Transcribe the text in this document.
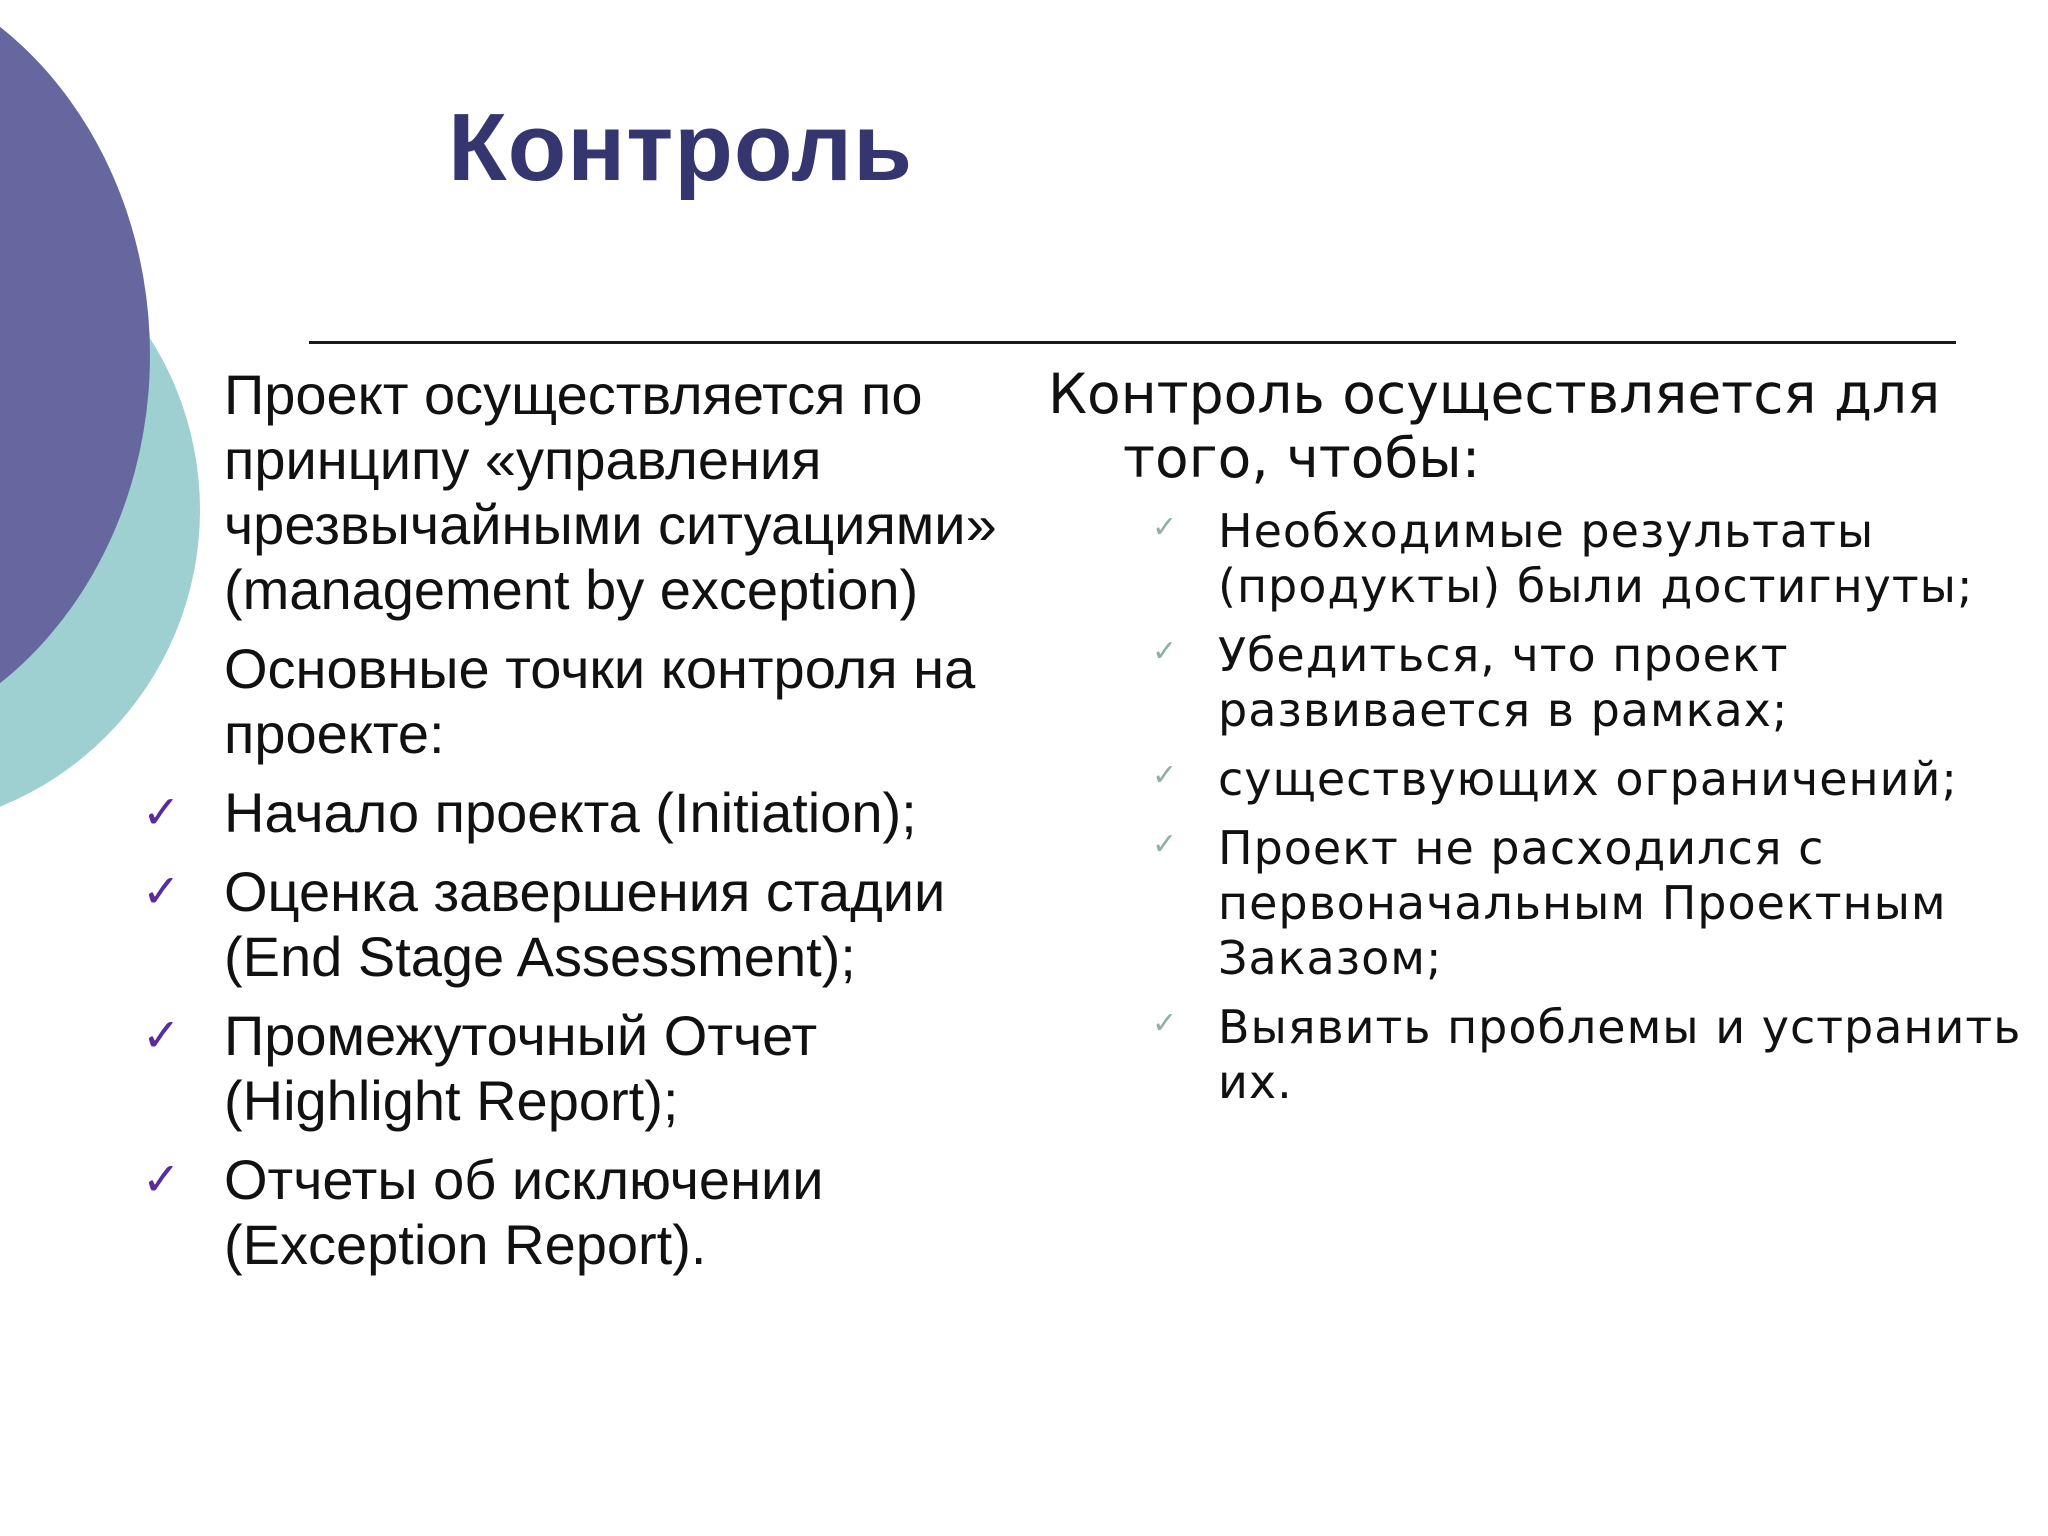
Контроль

Проект осуществляется по принципу «управления чрезвычайными ситуациями» (management by exception)

Основные точки контроля на проекте:

✓ Начало проекта (Initiation);
✓ Оценка завершения стадии (End Stage Assessment);
✓ Промежуточный Отчет (Highlight Report);
✓ Отчеты об исключении (Exception Report).

Контроль осуществляется для того, чтобы:

✓ Необходимые результаты (продукты) были достигнуты;
✓ Убедиться, что проект развивается в рамках;
✓ существующих ограничений;
✓ Проект не расходился с первоначальным Проектным Заказом;
✓ Выявить проблемы и устранить их.
